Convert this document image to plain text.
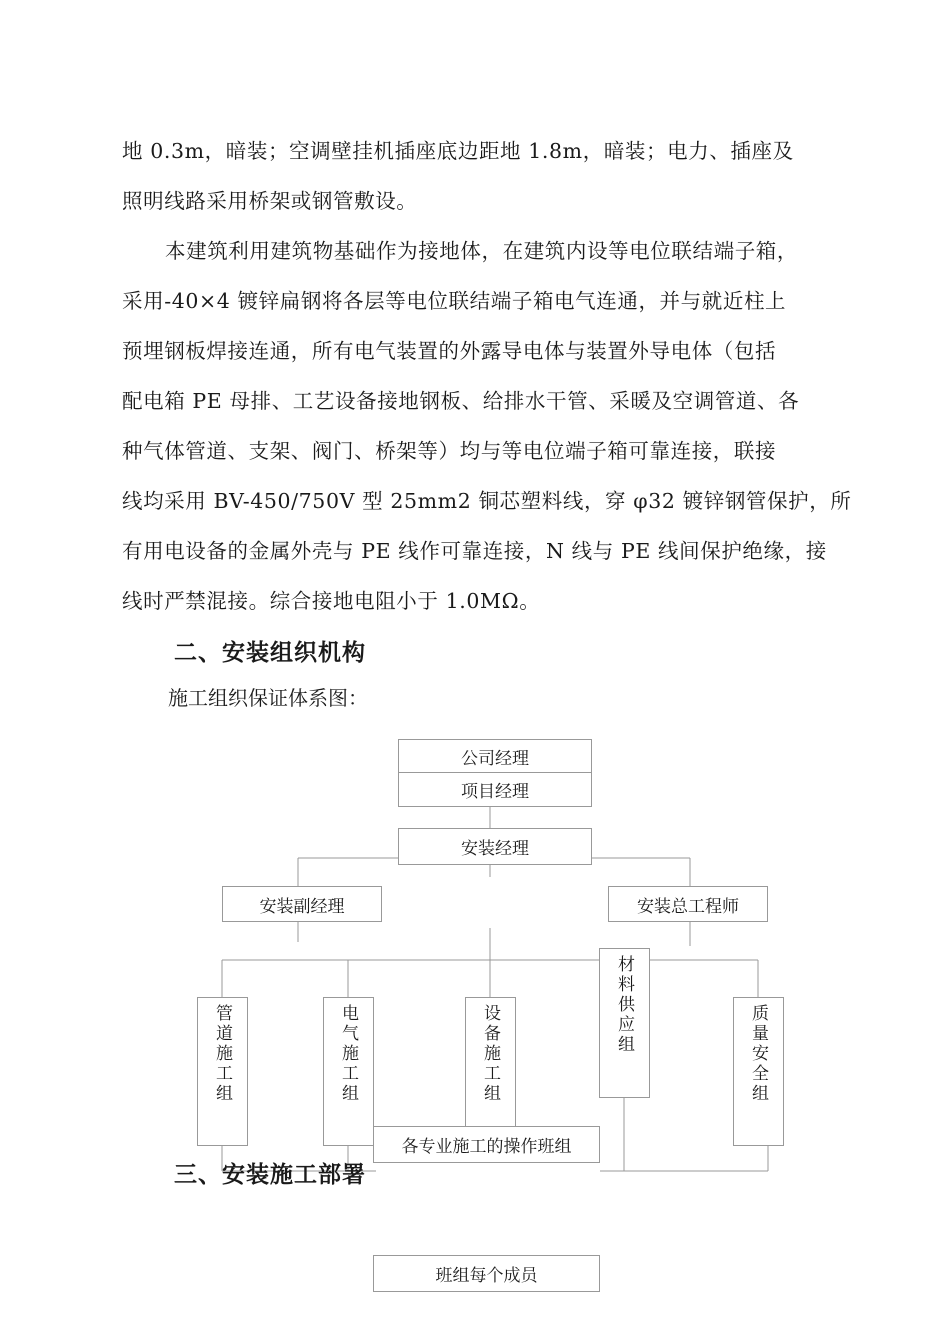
地 0.3m，暗装；空调壁挂机插座底边距地 1.8m，暗装；电力、插座及
照明线路采用桥架或钢管敷设。
本建筑利用建筑物基础作为接地体，在建筑内设等电位联结端子箱，
采用-40×4 镀锌扁钢将各层等电位联结端子箱电气连通，并与就近柱上
预埋钢板焊接连通，所有电气装置的外露导电体与装置外导电体（包括
配电箱 PE 母排、工艺设备接地钢板、给排水干管、采暖及空调管道、各
种气体管道、支架、阀门、桥架等）均与等电位端子箱可靠连接，联接
线均采用 BV-450/750V 型 25mm2 铜芯塑料线，穿 φ32 镀锌钢管保护，所
有用电设备的金属外壳与 PE 线作可靠连接，N 线与 PE 线间保护绝缘，接
线时严禁混接。综合接地电阻小于 1.0MΩ。
二、安装组织机构

施工组织保证体系图：

公司经理
项目经理
安装经理
安装副经理	安装总工程师
管道施工组	电气施工组	设备施工组	材料供应组	质量安全组
各专业施工的操作班组
三、安装施工部署
班组每个成员
